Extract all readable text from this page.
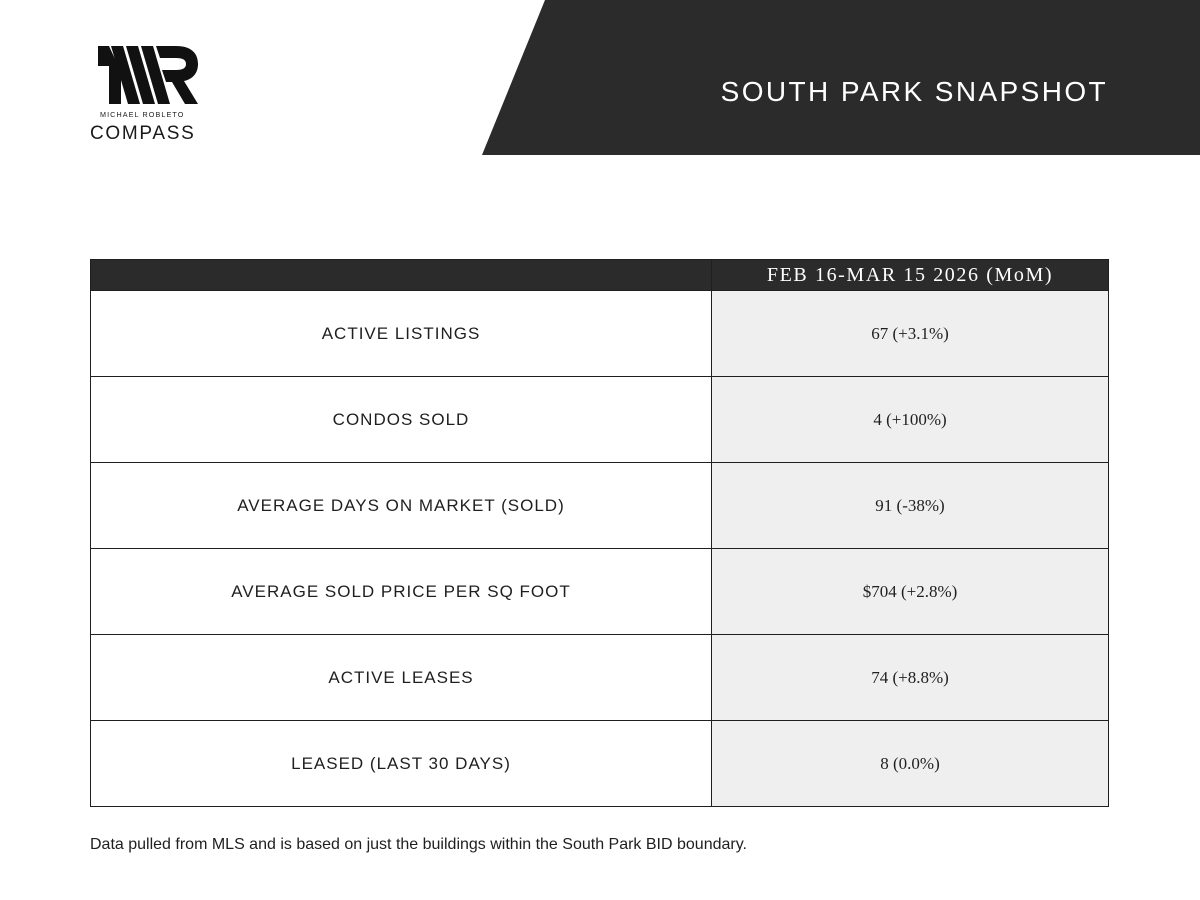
SOUTH PARK SNAPSHOT
MICHAEL ROBLETO
COMPASS
	FEB 16-MAR 15 2026 (MoM)
ACTIVE LISTINGS	67 (+3.1%)
CONDOS SOLD	4 (+100%)
AVERAGE DAYS ON MARKET (SOLD)	91 (-38%)
AVERAGE SOLD PRICE PER SQ FOOT	$704 (+2.8%)
ACTIVE LEASES	74 (+8.8%)
LEASED (LAST 30 DAYS)	8 (0.0%)
Data pulled from MLS and is based on just the buildings within the South Park BID boundary.
